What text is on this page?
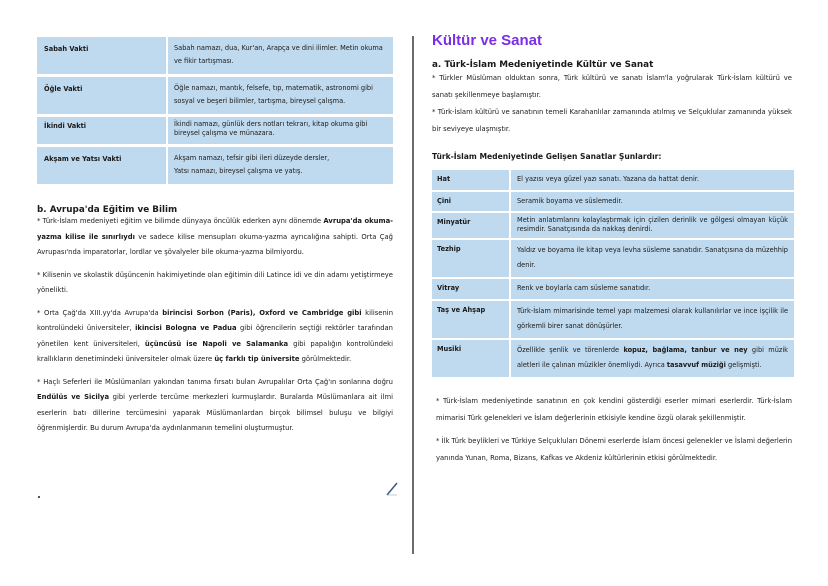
Sabah Vakti	Sabah namazı, dua, Kur'an, Arapça ve dini ilimler. Metin okuma ve fikir tartışması.
Öğle Vakti	Öğle namazı, mantık, felsefe, tıp, matematik, astronomi gibi sosyal ve beşeri bilimler, tartışma, bireysel çalışma.
İkindi Vakti	İkindi namazı, günlük ders notları tekrarı, kitap okuma gibi bireysel çalışma ve münazara.
Akşam ve Yatsı Vakti	Akşam namazı, tefsir gibi ileri düzeyde dersler,
Yatsı namazı, bireysel çalışma ve yatış.
b. Avrupa'da Eğitim ve Bilim

* Türk-İslam medeniyeti eğitim ve bilimde dünyaya öncülük ederken aynı dönemde Avrupa'da okuma-yazma kilise ile sınırlıydı ve sadece kilise mensupları okuma-yazma ayrıcalığına sahipti. Orta Çağ Avrupası'nda imparatorlar, lordlar ve şövalyeler bile okuma-yazma bilmiyordu.

* Kilisenin ve skolastik düşüncenin hakimiyetinde olan eğitimin dili Latince idi ve din adamı yetiştirmeye yönelikti.

* Orta Çağ'da XIII.yy'da Avrupa'da birincisi Sorbon (Paris), Oxford ve Cambridge gibi kilisenin kontrolündeki üniversiteler, ikincisi Bologna ve Padua gibi öğrencilerin seçtiği rektörler tarafından yönetilen kent üniversiteleri, üçüncüsü ise Napoli ve Salamanka gibi papalığın kontrolündeki krallıkların denetimindeki üniversiteler olmak üzere üç farklı tip üniversite görülmektedir.

* Haçlı Seferleri ile Müslümanları yakından tanıma fırsatı bulan Avrupalılar Orta Çağ'ın sonlarına doğru Endülüs ve Sicilya gibi yerlerde tercüme merkezleri kurmuşlardır. Buralarda Müslümanlara ait ilmi eserlerin batı dillerine tercümesini yaparak Müslümanlardan birçok bilimsel buluşu ve bilgiyi öğrenmişlerdir. Bu durum Avrupa'da aydınlanmanın temelini oluşturmuştur.

Kültür ve Sanat
a. Türk-İslam Medeniyetinde Kültür ve Sanat

* Türkler Müslüman olduktan sonra, Türk kültürü ve sanatı İslam'la yoğrularak Türk-İslam kültürü ve sanatı şekillenmeye başlamıştır.

* Türk-İslam kültürü ve sanatının temeli Karahanlılar zamanında atılmış ve Selçuklular zamanında yüksek bir seviyeye ulaşmıştır.

Türk-İslam Medeniyetinde Gelişen Sanatlar Şunlardır:
Hat	El yazısı veya güzel yazı sanatı. Yazana da hattat denir.
Çini	Seramik boyama ve süslemedir.
Minyatür	Metin anlatımlarını kolaylaştırmak için çizilen derinlik ve gölgesi olmayan küçük resimdir. Sanatçısında da nakkaş denirdi.
Tezhip	Yaldız ve boyama ile kitap veya levha süsleme sanatıdır. Sanatçısına da müzehhip denir.
Vitray	Renk ve boylarla cam süsleme sanatıdır.
Taş ve Ahşap	Türk-İslam mimarisinde temel yapı malzemesi olarak kullanılırlar ve ince işçilik ile görkemli birer sanat dönüşürler.
Musiki	Özellikle şenlik ve törenlerde kopuz, bağlama, tanbur ve ney gibi müzik aletleri ile çalınan müzikler önemliydi. Ayrıca tasavvuf müziği gelişmişti.

* Türk-İslam medeniyetinde sanatının en çok kendini gösterdiği eserler mimari eserlerdir. Türk-İslam mimarisi Türk gelenekleri ve İslam değerlerinin etkisiyle kendine özgü olarak şekillenmiştir.

* İlk Türk beylikleri ve Türkiye Selçukluları Dönemi eserlerde İslam öncesi gelenekler ve İslami değerlerin yanında Yunan, Roma, Bizans, Kafkas ve Akdeniz kültürlerinin etkisi görülmektedir.
